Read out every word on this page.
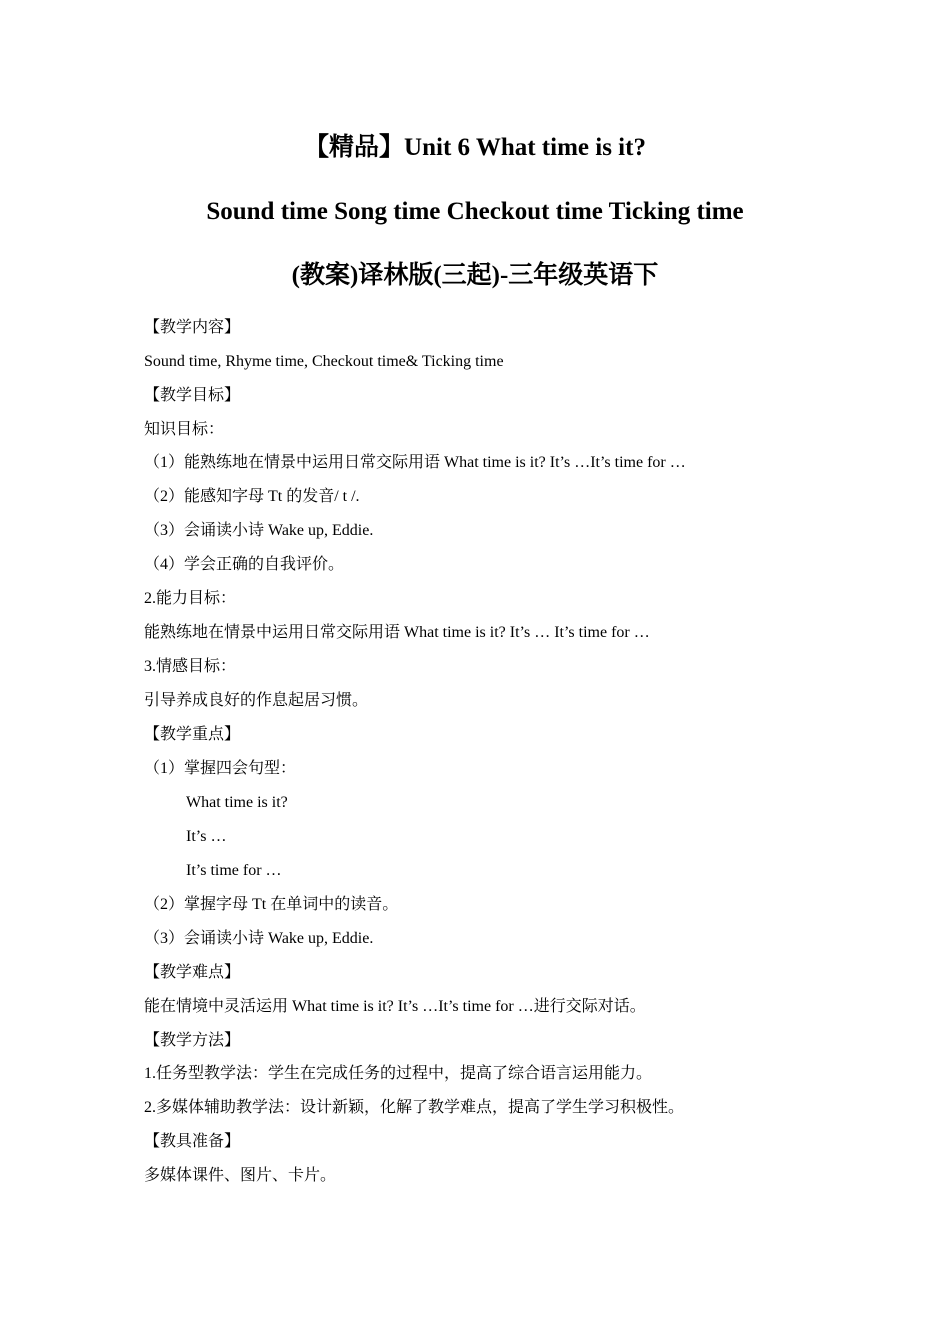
【精品】Unit 6 What time is it?
Sound time Song time Checkout time Ticking time
(教案)译林版(三起)-三年级英语下
【教学内容】
Sound time, Rhyme time, Checkout time& Ticking time
【教学目标】
知识目标：
（1）能熟练地在情景中运用日常交际用语 What time is it? It’s …It’s time for …
（2）能感知字母 Tt 的发音/ t /.
（3）会诵读小诗 Wake up, Eddie.
（4）学会正确的自我评价。
2.能力目标：
能熟练地在情景中运用日常交际用语 What time is it? It’s … It’s time for …
3.情感目标：
引导养成良好的作息起居习惯。
【教学重点】
（1）掌握四会句型：
What time is it?
It’s …
It’s time for …
（2）掌握字母 Tt 在单词中的读音。
（3）会诵读小诗 Wake up, Eddie.
【教学难点】
能在情境中灵活运用 What time is it? It’s …It’s time for …进行交际对话。
【教学方法】
1.任务型教学法：学生在完成任务的过程中，提高了综合语言运用能力。
2.多媒体辅助教学法：设计新颖，化解了教学难点，提高了学生学习积极性。
【教具准备】
多媒体课件、图片、卡片。
